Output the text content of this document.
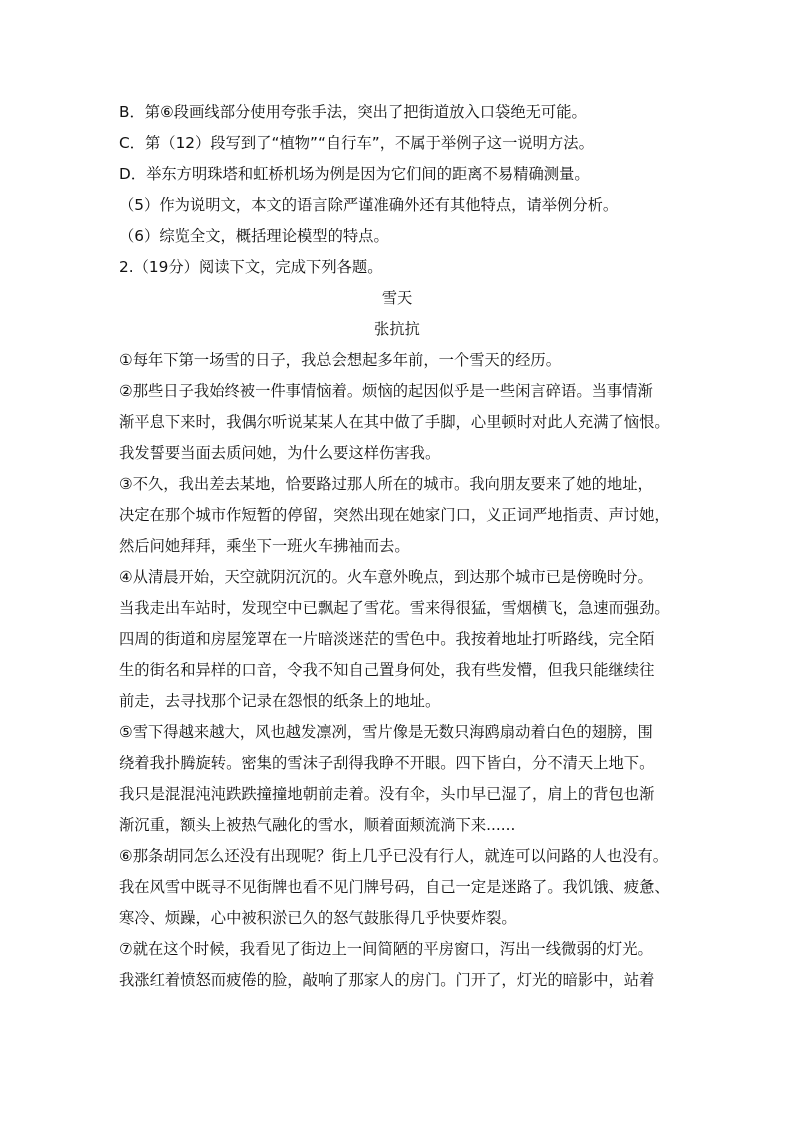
B．第⑥段画线部分使用夸张手法，突出了把街道放入口袋绝无可能。
C．第（12）段写到了“植物”“自行车”，不属于举例子这一说明方法。
D．举东方明珠塔和虹桥机场为例是因为它们间的距离不易精确测量。
（5）作为说明文，本文的语言除严谨准确外还有其他特点，请举例分析。
（6）综览全文，概括理论模型的特点。
2.（19分）阅读下文，完成下列各题。
雪天
张抗抗
①每年下第一场雪的日子，我总会想起多年前，一个雪天的经历。
②那些日子我始终被一件事情恼着。烦恼的起因似乎是一些闲言碎语。当事情渐
渐平息下来时，我偶尔听说某某人在其中做了手脚，心里顿时对此人充满了恼恨。
我发誓要当面去质问她，为什么要这样伤害我。
③不久，我出差去某地，恰要路过那人所在的城市。我向朋友要来了她的地址，
决定在那个城市作短暂的停留，突然出现在她家门口，义正词严地指责、声讨她，
然后问她拜拜，乘坐下一班火车拂袖而去。
④从清晨开始，天空就阴沉沉的。火车意外晚点，到达那个城市已是傍晚时分。
当我走出车站时，发现空中已飘起了雪花。雪来得很猛，雪烟横飞，急速而强劲。
四周的街道和房屋笼罩在一片暗淡迷茫的雪色中。我按着地址打听路线，完全陌
生的街名和异样的口音，令我不知自己置身何处，我有些发懵，但我只能继续往
前走，去寻找那个记录在怨恨的纸条上的地址。
⑤雪下得越来越大，风也越发凛冽，雪片像是无数只海鸥扇动着白色的翅膀，围
绕着我扑腾旋转。密集的雪沫子刮得我睁不开眼。四下皆白，分不清天上地下。
我只是混混沌沌跌跌撞撞地朝前走着。没有伞，头巾早已湿了，肩上的背包也渐
渐沉重，额头上被热气融化的雪水，顺着面颊流淌下来......
⑥那条胡同怎么还没有出现呢？街上几乎已没有行人，就连可以问路的人也没有。
我在风雪中既寻不见街牌也看不见门牌号码，自己一定是迷路了。我饥饿、疲惫、
寒冷、烦躁，心中被积淤已久的怒气鼓胀得几乎快要炸裂。
⑦就在这个时候，我看见了街边上一间简陋的平房窗口，泻出一线微弱的灯光。
我涨红着愤怒而疲倦的脸，敲响了那家人的房门。门开了，灯光的暗影中，站着
